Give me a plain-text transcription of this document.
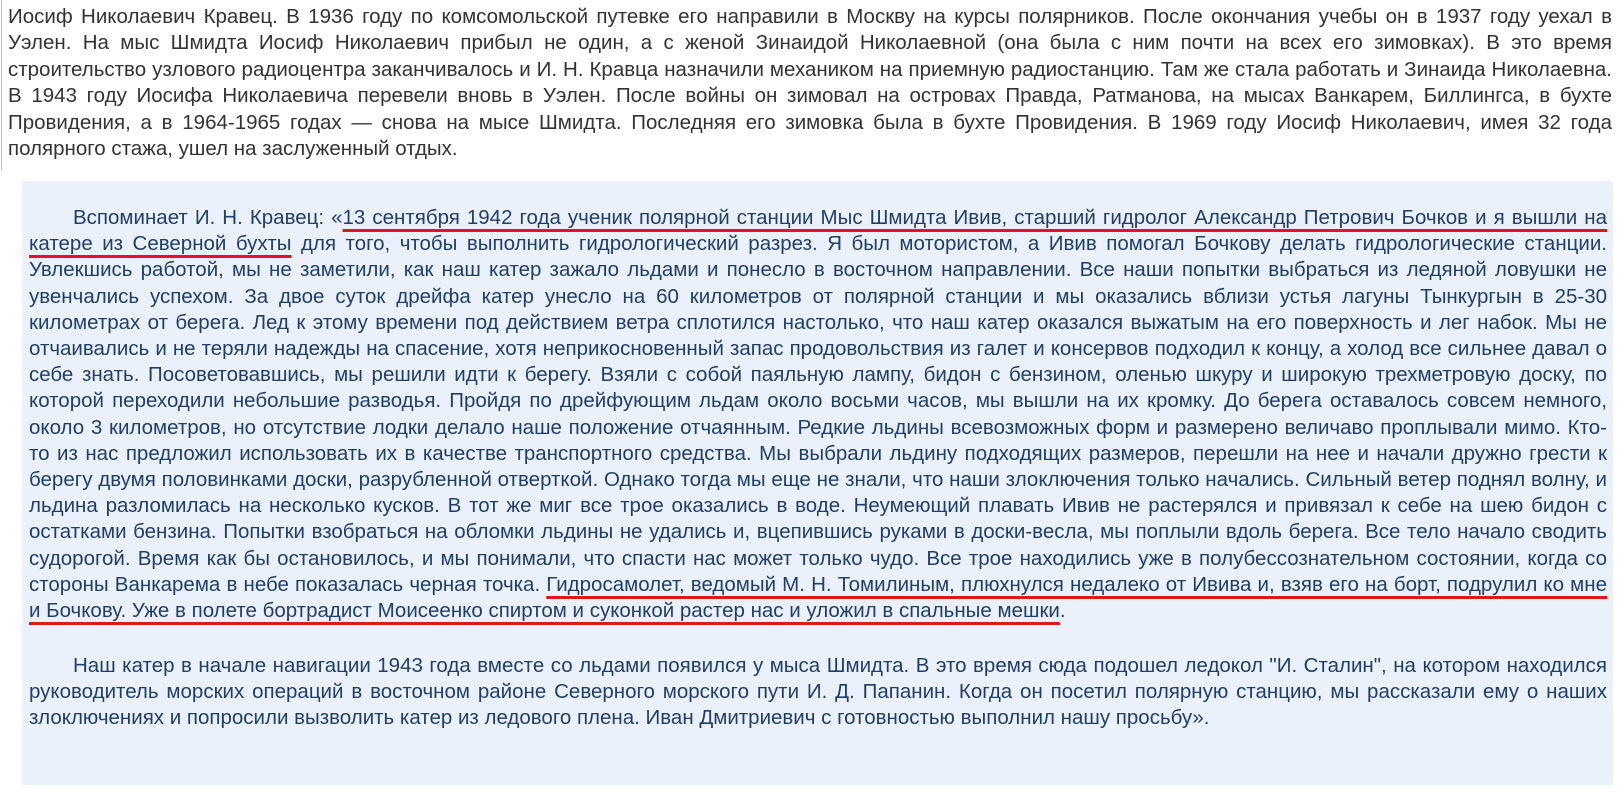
Иосиф Николаевич Кравец. В 1936 году по комсомольской путевке его направили в Москву на курсы полярников. После окончания учебы он в 1937 году уехал в Уэлен. На мыс Шмидта Иосиф Николаевич прибыл не один, а с женой Зинаидой Николаевной (она была с ним почти на всех его зимовках). В это время строительство узлового радиоцентра заканчивалось и И. Н. Кравца назначили механиком на приемную радиостанцию. Там же стала работать и Зинаида Николаевна. В 1943 году Иосифа Николаевича перевели вновь в Уэлен. После войны он зимовал на островах Правда, Ратманова, на мысах Ванкарем, Биллингса, в бухте Провидения, а в 1964-1965 годах — снова на мысе Шмидта. Последняя его зимовка была в бухте Провидения. В 1969 году Иосиф Николаевич, имея 32 года полярного стажа, ушел на заслуженный отдых.

Вспоминает И. Н. Кравец: «13 сентября 1942 года ученик полярной станции Мыс Шмидта Ивив, старший гидролог Александр Петрович Бочков и я вышли на катере из Северной бухты для того, чтобы выполнить гидрологический разрез. Я был мотористом, а Ивив помогал Бочкову делать гидрологические станции. Увлекшись работой, мы не заметили, как наш катер зажало льдами и понесло в восточном направлении. Все наши попытки выбраться из ледяной ловушки не увенчались успехом. За двое суток дрейфа катер унесло на 60 километров от полярной станции и мы оказались вблизи устья лагуны Тынкургын в 25-30 километрах от берега. Лед к этому времени под действием ветра сплотился настолько, что наш катер оказался выжатым на его поверхность и лег набок. Мы не отчаивались и не теряли надежды на спасение, хотя неприкосновенный запас продовольствия из галет и консервов подходил к концу, а холод все сильнее давал о себе знать. Посоветовавшись, мы решили идти к берегу. Взяли с собой паяльную лампу, бидон с бензином, оленью шкуру и широкую трехметровую доску, по которой переходили небольшие разводья. Пройдя по дрейфующим льдам около восьми часов, мы вышли на их кромку. До берега оставалось совсем немного, около 3 километров, но отсутствие лодки делало наше положение отчаянным. Редкие льдины всевозможных форм и размерено величаво проплывали мимо. Кто-то из нас предложил использовать их в качестве транспортного средства. Мы выбрали льдину подходящих размеров, перешли на нее и начали дружно грести к берегу двумя половинками доски, разрубленной отверткой. Однако тогда мы еще не знали, что наши злоключения только начались. Сильный ветер поднял волну, и льдина разломилась на несколько кусков. В тот же миг все трое оказались в воде. Неумеющий плавать Ивив не растерялся и привязал к себе на шею бидон с остатками бензина. Попытки взобраться на обломки льдины не удались и, вцепившись руками в доски-весла, мы поплыли вдоль берега. Все тело начало сводить судорогой. Время как бы остановилось, и мы понимали, что спасти нас может только чудо. Все трое находились уже в полубессознательном состоянии, когда со стороны Ванкарема в небе показалась черная точка. Гидросамолет, ведомый М. Н. Томилиным, плюхнулся недалеко от Ивива и, взяв его на борт, подрулил ко мне и Бочкову. Уже в полете бортрадист Моисеенко спиртом и суконкой растер нас и уложил в спальные мешки.

Наш катер в начале навигации 1943 года вместе со льдами появился у мыса Шмидта. В это время сюда подошел ледокол "И. Сталин", на котором находился руководитель морских операций в восточном районе Северного морского пути И. Д. Папанин. Когда он посетил полярную станцию, мы рассказали ему о наших злоключениях и попросили вызволить катер из ледового плена. Иван Дмитриевич с готовностью выполнил нашу просьбу».
